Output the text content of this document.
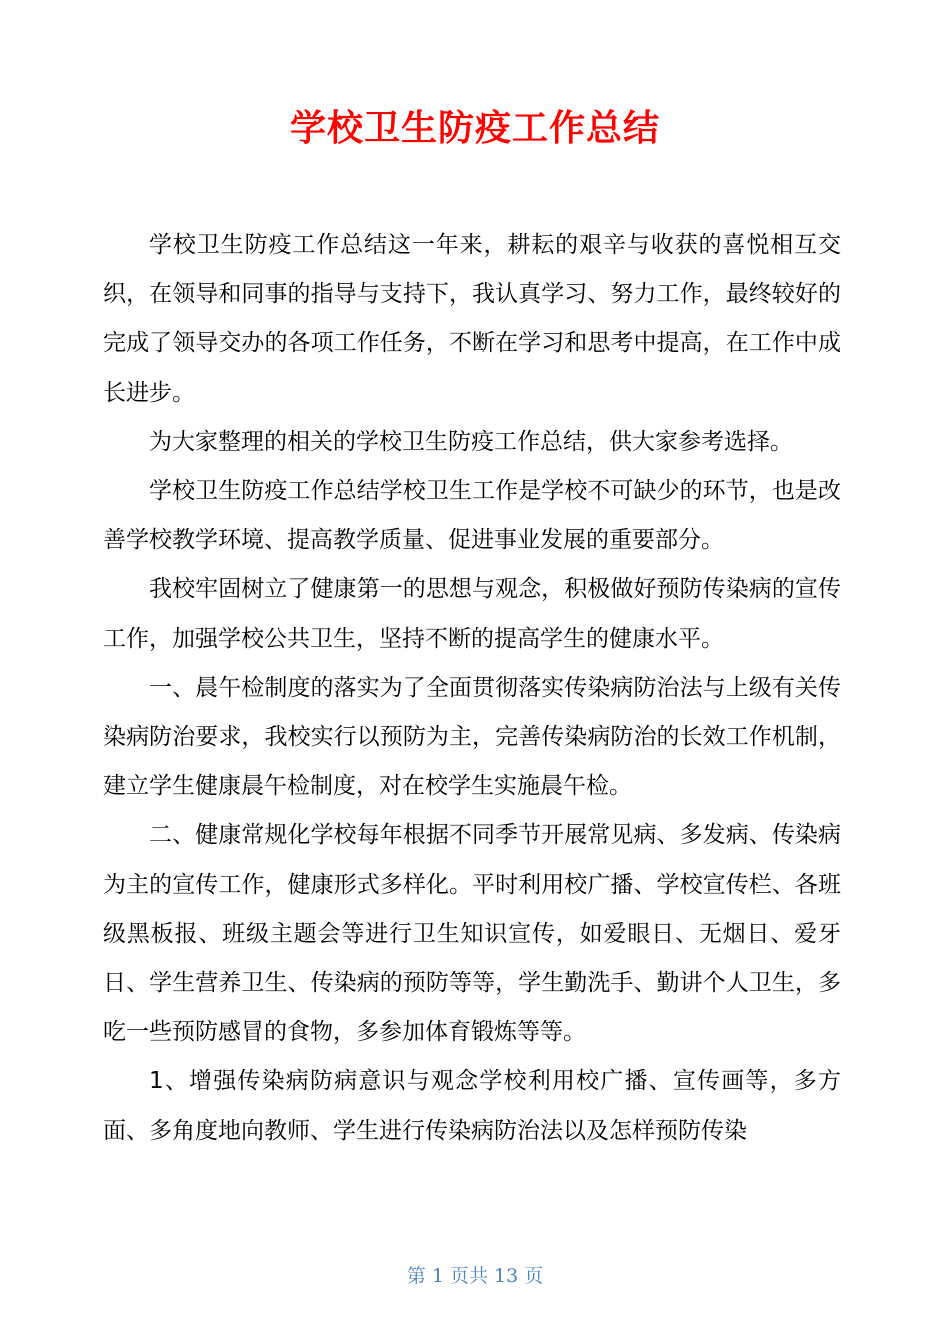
学校卫生防疫工作总结

学校卫生防疫工作总结这一年来，耕耘的艰辛与收获的喜悦相互交织，在领导和同事的指导与支持下，我认真学习、努力工作，最终较好的完成了领导交办的各项工作任务，不断在学习和思考中提高，在工作中成长进步。

为大家整理的相关的学校卫生防疫工作总结，供大家参考选择。

学校卫生防疫工作总结学校卫生工作是学校不可缺少的环节，也是改善学校教学环境、提高教学质量、促进事业发展的重要部分。

我校牢固树立了健康第一的思想与观念，积极做好预防传染病的宣传工作，加强学校公共卫生，坚持不断的提高学生的健康水平。

一、晨午检制度的落实为了全面贯彻落实传染病防治法与上级有关传染病防治要求，我校实行以预防为主，完善传染病防治的长效工作机制，建立学生健康晨午检制度，对在校学生实施晨午检。

二、健康常规化学校每年根据不同季节开展常见病、多发病、传染病为主的宣传工作，健康形式多样化。平时利用校广播、学校宣传栏、各班级黑板报、班级主题会等进行卫生知识宣传，如爱眼日、无烟日、爱牙日、学生营养卫生、传染病的预防等等，学生勤洗手、勤讲个人卫生，多吃一些预防感冒的食物，多参加体育锻炼等等。

1、增强传染病防病意识与观念学校利用校广播、宣传画等，多方面、多角度地向教师、学生进行传染病防治法以及怎样预防传染

第 1 页共 13 页
